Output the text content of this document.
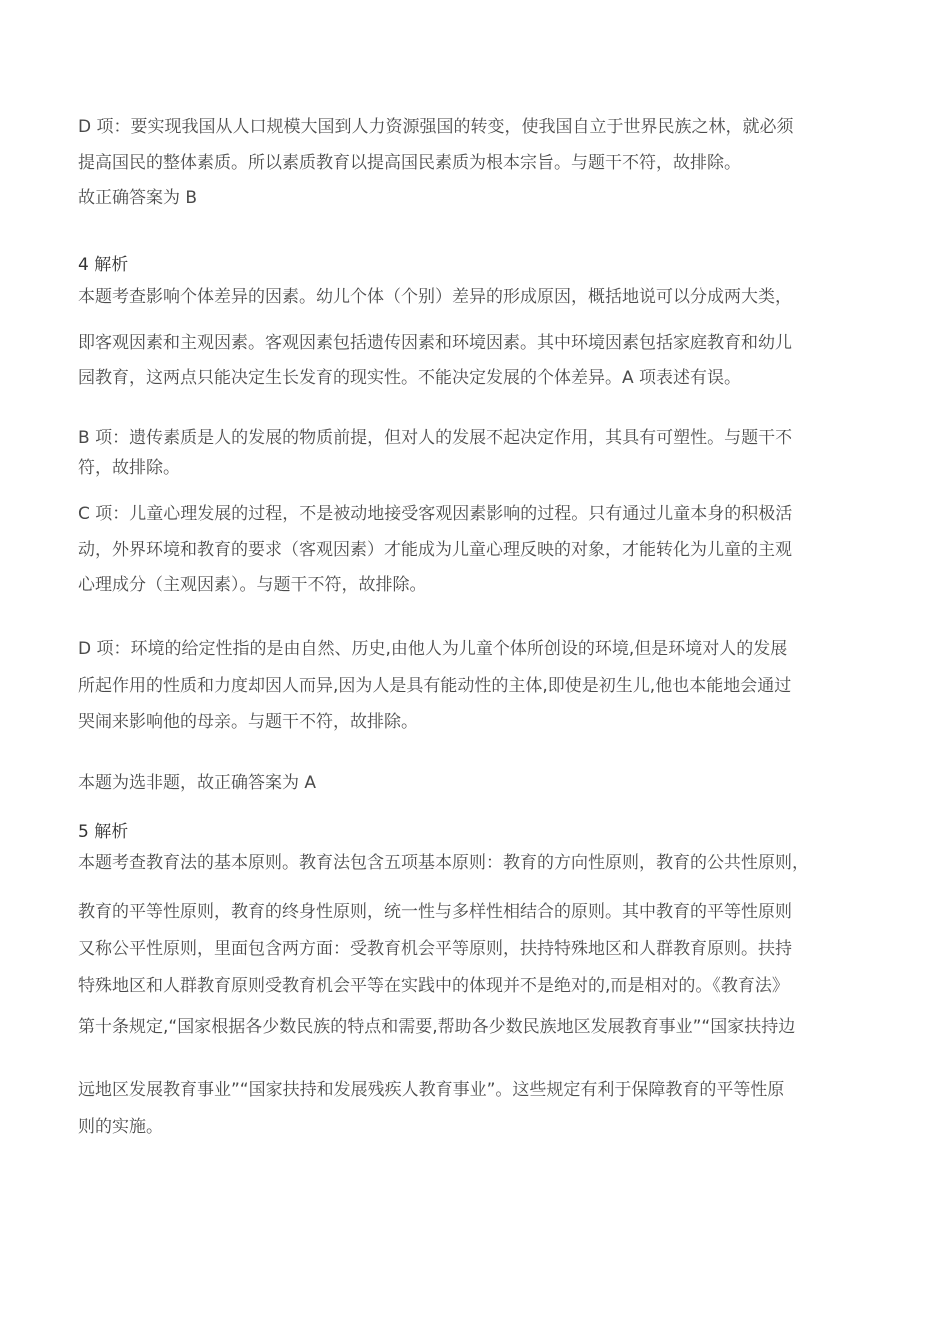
D 项：要实现我国从人口规模大国到人力资源强国的转变，使我国自立于世界民族之林，就必须
提高国民的整体素质。所以素质教育以提高国民素质为根本宗旨。与题干不符，故排除。
故正确答案为 B
4 解析
本题考查影响个体差异的因素。幼儿个体（个别）差异的形成原因，概括地说可以分成两大类，
即客观因素和主观因素。客观因素包括遗传因素和环境因素。其中环境因素包括家庭教育和幼儿
园教育，这两点只能决定生长发育的现实性。不能决定发展的个体差异。A 项表述有误。
B 项：遗传素质是人的发展的物质前提，但对人的发展不起决定作用，其具有可塑性。与题干不
符，故排除。
C 项：儿童心理发展的过程，不是被动地接受客观因素影响的过程。只有通过儿童本身的积极活
动，外界环境和教育的要求（客观因素）才能成为儿童心理反映的对象，才能转化为儿童的主观
心理成分（主观因素）。与题干不符，故排除。
D 项：环境的给定性指的是由自然、历史,由他人为儿童个体所创设的环境,但是环境对人的发展
所起作用的性质和力度却因人而异,因为人是具有能动性的主体,即使是初生儿,他也本能地会通过
哭闹来影响他的母亲。与题干不符，故排除。
本题为选非题，故正确答案为 A
5 解析
本题考查教育法的基本原则。教育法包含五项基本原则：教育的方向性原则，教育的公共性原则，
教育的平等性原则，教育的终身性原则，统一性与多样性相结合的原则。其中教育的平等性原则
又称公平性原则，里面包含两方面：受教育机会平等原则，扶持特殊地区和人群教育原则。扶持
特殊地区和人群教育原则受教育机会平等在实践中的体现并不是绝对的,而是相对的。《教育法》
第十条规定,“国家根据各少数民族的特点和需要,帮助各少数民族地区发展教育事业”“国家扶持边
远地区发展教育事业”“国家扶持和发展残疾人教育事业”。这些规定有利于保障教育的平等性原
则的实施。
